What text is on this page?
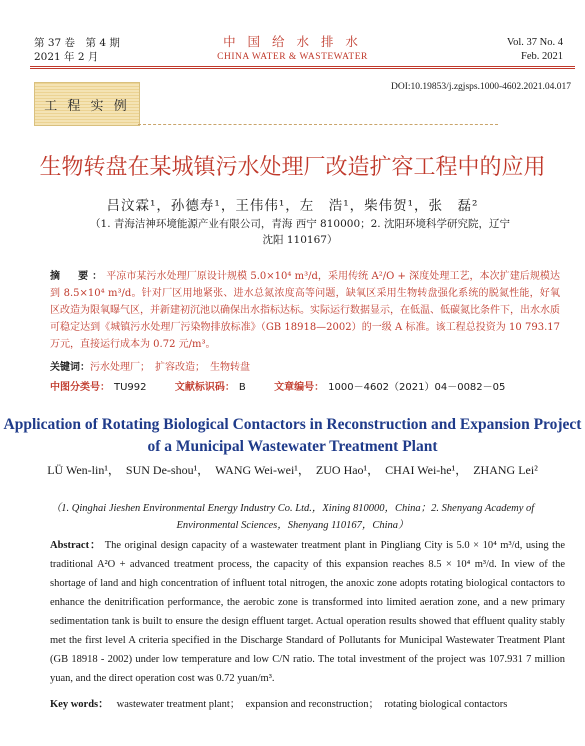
第 37 卷　第 4 期
2021 年 2 月
中 国 给 水 排 水
CHINA WATER & WASTEWATER
Vol. 37 No. 4
Feb. 2021
DOI:10.19853/j.zgjsps.1000-4602.2021.04.017
工 程 实 例
生物转盘在某城镇污水处理厂改造扩容工程中的应用
吕汶霖¹，孙德寿¹，王伟伟¹，左　浩¹，柴伟贺¹，张　磊²
（1. 青海洁神环境能源产业有限公司，青海 西宁 810000；2. 沈阳环境科学研究院，辽宁 沈阳 110167）
摘　要：平凉市某污水处理厂原设计规模 5.0×10⁴ m³/d，采用传统 A²/O + 深度处理工艺，本次扩建后规模达到 8.5×10⁴ m³/d。针对厂区用地紧张、进水总氮浓度高等问题，缺氧区采用生物转盘强化系统的脱氮性能，好氧区改造为限氧曝气区，并新建初沉池以确保出水指标达标。实际运行数据显示，在低温、低碳氮比条件下，出水水质可稳定达到《城镇污水处理厂污染物排放标准》（GB 18918—2002）的一级 A 标准。该工程总投资为 10 793.17 万元，直接运行成本为 0.72 元/m³。
关键词：污水处理厂；　扩容改造；　生物转盘
中图分类号： TU992	文献标识码： B	文章编号： 1000－4602（2021）04－0082－05
Application of Rotating Biological Contactors in Reconstruction and Expansion Project of a Municipal Wastewater Treatment Plant
LÜ Wen-lin¹，　SUN De-shou¹，　WANG Wei-wei¹，　ZUO Hao¹，　CHAI Wei-he¹，　ZHANG Lei²
（1. Qinghai Jieshen Environmental Energy Industry Co. Ltd.，Xining 810000，China；2. Shenyang Academy of Environmental Sciences，Shenyang 110167，China）
Abstract： The original design capacity of a wastewater treatment plant in Pingliang City is 5.0 × 10⁴ m³/d, using the traditional A²O + advanced treatment process, the capacity of this expansion reaches 8.5 × 10⁴ m³/d. In view of the shortage of land and high concentration of influent total nitrogen, the anoxic zone adopts rotating biological contactors to enhance the denitrification performance, the aerobic zone is transformed into limited aeration zone, and a new primary sedimentation tank is built to ensure the design effluent target. Actual operation results showed that effluent quality stably met the first level A criteria specified in the Discharge Standard of Pollutants for Municipal Wastewater Treatment Plant (GB 18918 - 2002) under low temperature and low C/N ratio. The total investment of the project was 107.931 7 million yuan, and the direct operation cost was 0.72 yuan/m³.
Key words： wastewater treatment plant；　expansion and reconstruction；　rotating biological contactors
